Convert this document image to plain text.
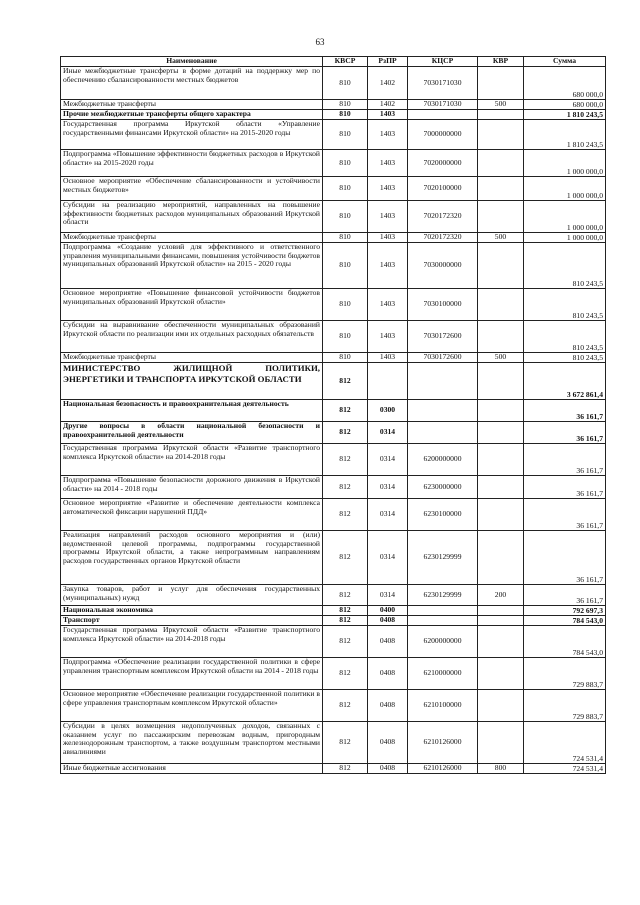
63
Наименование	КВСР	РзПР	КЦСР	КВР	Сумма
Иные межбюджетные трансферты в форме дотаций на поддержку мер по обеспечению сбалансированности местных бюджетов	810	1402	7030171030		680 000,0
Межбюджетные трансферты	810	1402	7030171030	500	680 000,0
Прочие межбюджетные трансферты общего характера	810	1403			1 810 243,5
Государственная программа Иркутской области «Управление государственными финансами Иркутской области» на 2015-2020 годы	810	1403	7000000000		1 810 243,5
Подпрограмма «Повышение эффективности бюджетных расходов в Иркутской области» на 2015-2020 годы	810	1403	7020000000		1 000 000,0
Основное мероприятие «Обеспечение сбалансированности и устойчивости местных бюджетов»	810	1403	7020100000		1 000 000,0
Субсидии на реализацию мероприятий, направленных на повышение эффективности бюджетных расходов муниципальных образований Иркутской области	810	1403	7020172320		1 000 000,0
Межбюджетные трансферты	810	1403	7020172320	500	1 000 000,0
Подпрограмма «Создание условий для эффективного и ответственного управления муниципальными финансами, повышения устойчивости бюджетов муниципальных образований Иркутской области» на 2015 - 2020 годы	810	1403	7030000000		810 243,5
Основное мероприятие «Повышение финансовой устойчивости бюджетов муниципальных образований Иркутской области»	810	1403	7030100000		810 243,5
Субсидии на выравнивание обеспеченности муниципальных образований Иркутской области по реализации ими их отдельных расходных обязательств	810	1403	7030172600		810 243,5
Межбюджетные трансферты	810	1403	7030172600	500	810 243,5
МИНИСТЕРСТВО ЖИЛИЩНОЙ ПОЛИТИКИ, ЭНЕРГЕТИКИ И ТРАНСПОРТА ИРКУТСКОЙ ОБЛАСТИ	812				3 672 861,4
Национальная безопасность и правоохранительная деятельность	812	0300			36 161,7
Другие вопросы в области национальной безопасности и правоохранительной деятельности	812	0314			36 161,7
Государственная программа Иркутской области «Развитие транспортного комплекса Иркутской области» на 2014-2018 годы	812	0314	6200000000		36 161,7
Подпрограмма «Повышение безопасности дорожного движения в Иркутской области» на 2014 - 2018 годы	812	0314	6230000000		36 161,7
Основное мероприятие «Развитие и обеспечение деятельности комплекса автоматической фиксации нарушений ПДД»	812	0314	6230100000		36 161,7
Реализация направлений расходов основного мероприятия и (или) ведомственной целевой программы, подпрограммы государственной программы Иркутской области, а также непрограммным направлениям расходов государственных органов Иркутской области	812	0314	6230129999		36 161,7
Закупка товаров, работ и услуг для обеспечения государственных (муниципальных) нужд	812	0314	6230129999	200	36 161,7
Национальная экономика	812	0400			792 697,3
Транспорт	812	0408			784 543,0
Государственная программа Иркутской области «Развитие транспортного комплекса Иркутской области» на 2014-2018 годы	812	0408	6200000000		784 543,0
Подпрограмма «Обеспечение реализации государственной политики в сфере управления транспортным комплексом Иркутской области на 2014 - 2018 годы	812	0408	6210000000		729 883,7
Основное мероприятие «Обеспечение реализации государственной политики в сфере управления транспортным комплексом Иркутской области»	812	0408	6210100000		729 883,7
Субсидии в целях возмещения недополученных доходов, связанных с оказанием услуг по пассажирским перевозкам водным, пригородным железнодорожным транспортом, а также воздушным транспортом местными авиалиниями	812	0408	6210126000		724 531,4
Иные бюджетные ассигнования	812	0408	6210126000	800	724 531,4
